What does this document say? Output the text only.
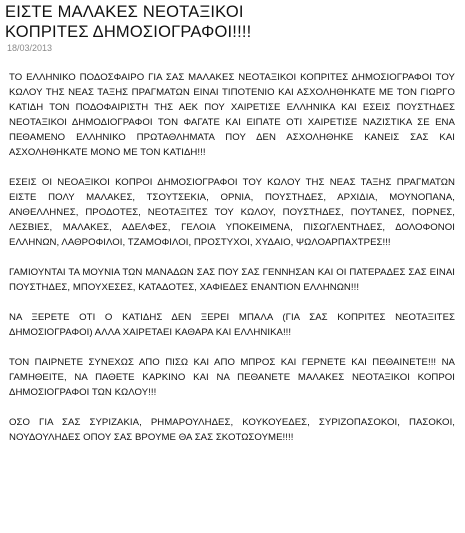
ΕΙΣΤΕ ΜΑΛΑΚΕΣ ΝΕΟΤΑΞΙΚΟΙ
ΚΟΠΡΙΤΕΣ ΔΗΜΟΣΙΟΓΡΑΦΟΙ!!!!
18/03/2013

ΤΟ ΕΛΛΗΝΙΚΟ ΠΟΔΟΣΦΑΙΡΟ ΓΙΑ ΣΑΣ ΜΑΛΑΚΕΣ ΝΕΟΤΑΞΙΚΟΙ ΚΟΠΡΙΤΕΣ ΔΗΜΟΣΙΟΓΡΑΦΟΙ ΤΟΥ ΚΩΛΟΥ ΤΗΣ ΝΕΑΣ ΤΑΞΗΣ ΠΡΑΓΜΑΤΩΝ ΕΙΝΑΙ ΤΙΠΟΤΕΝΙΟ ΚΑΙ ΑΣΧΟΛΗΘΗΚΑΤΕ ΜΕ ΤΟΝ ΓΙΩΡΓΟ ΚΑΤΙΔΗ ΤΟΝ ΠΟΔΟΦΑΙΡΙΣΤΗ ΤΗΣ ΑΕΚ ΠΟΥ ΧΑΙΡΕΤΙΣΕ ΕΛΛΗΝΙΚΑ ΚΑΙ ΕΣΕΙΣ ΠΟΥΣΤΗΔΕΣ ΝΕΟΤΑΞΙΚΟΙ ΔΗΜΟΔΙΟΓΡΑΦΟΙ ΤΟΝ ΦΑΓΑΤΕ ΚΑΙ ΕΙΠΑΤΕ ΟΤΙ ΧΑΙΡΕΤΙΣΕ ΝΑΖΙΣΤΙΚΑ ΣΕ ΕΝΑ ΠΕΘΑΜΕΝΟ ΕΛΛΗΝΙΚΟ ΠΡΩΤΑΘΛΗΜΑΤΑ ΠΟΥ ΔΕΝ ΑΣΧΟΛΗΘΗΚΕ ΚΑΝΕΙΣ ΣΑΣ ΚΑΙ ΑΣΧΟΛΗΘΗΚΑΤΕ ΜΟΝΟ ΜΕ ΤΟΝ ΚΑΤΙΔΗ!!!

ΕΣΕΙΣ ΟΙ ΝΕΟΑΞΙΚΟΙ ΚΟΠΡΟΙ ΔΗΜΟΣΙΟΓΡΑΦΟΙ ΤΟΥ ΚΩΛΟΥ ΤΗΣ ΝΕΑΣ ΤΑΞΗΣ ΠΡΑΓΜΑΤΩΝ ΕΙΣΤΕ ΠΟΛΥ ΜΑΛΑΚΕΣ, ΤΣΟΥΤΣΕΚΙΑ, ΟΡΝΙΑ, ΠΟΥΣΤΗΔΕΣ, ΑΡΧΙΔΙΑ, ΜΟΥΝΟΠΑΝΑ, ΑΝΘΕΛΛΗΝΕΣ, ΠΡΟΔΟΤΕΣ, ΝΕΟΤΑΞΙΤΕΣ ΤΟΥ ΚΩΛΟΥ, ΠΟΥΣΤΗΔΕΣ, ΠΟΥΤΑΝΕΣ, ΠΟΡΝΕΣ, ΛΕΣΒΙΕΣ, ΜΑΛΑΚΕΣ, ΑΔΕΛΦΕΣ, ΓΕΛΟΙΑ ΥΠΟΚΕΙΜΕΝΑ, ΠΙΣΩΓΛΕΝΤΗΔΕΣ, ΔΟΛΟΦΟΝΟΙ ΕΛΛΗΝΩΝ, ΛΑΘΡΟΦΙΛΟΙ, ΤΖΑΜΟΦΙΛΟΙ, ΠΡΟΣΤΥΧΟΙ, ΧΥΔΑΙΟ, ΨΩΛΟΑΡΠΑΧΤΡΕΣ!!!

ΓΑΜΙΟΥΝΤΑΙ ΤΑ ΜΟΥΝΙΑ ΤΩΝ ΜΑΝΑΔΩΝ ΣΑΣ ΠΟΥ ΣΑΣ ΓΕΝΝΗΣΑΝ ΚΑΙ ΟΙ ΠΑΤΕΡΑΔΕΣ ΣΑΣ ΕΙΝΑΙ ΠΟΥΣΤΗΔΕΣ, ΜΠΟΥΧΕΣΕΣ, ΚΑΤΑΔΟΤΕΣ, ΧΑΦΙΕΔΕΣ ΕΝΑΝΤΙΟΝ ΕΛΛΗΝΩΝ!!!

ΝΑ ΞΕΡΕΤΕ ΟΤΙ Ο ΚΑΤΙΔΗΣ ΔΕΝ ΞΕΡΕΙ ΜΠΑΛΑ (ΓΙΑ ΣΑΣ ΚΟΠΡΙΤΕΣ ΝΕΟΤΑΞΙΤΕΣ ΔΗΜΟΣΙΟΓΡΑΦΟΙ) ΑΛΛΑ ΧΑΙΡΕΤΑΕΙ ΚΑΘΑΡΑ ΚΑΙ ΕΛΛΗΝΙΚΑ!!!

ΤΟΝ ΠΑΙΡΝΕΤΕ ΣΥΝΕΧΩΣ ΑΠΟ ΠΙΣΩ ΚΑΙ ΑΠΟ ΜΠΡΟΣ ΚΑΙ ΓΕΡΝΕΤΕ ΚΑΙ ΠΕΘΑΙΝΕΤΕ!!! ΝΑ ΓΑΜΗΘΕΙΤΕ, ΝΑ ΠΑΘΕΤΕ ΚΑΡΚΙΝΟ ΚΑΙ ΝΑ ΠΕΘΑΝΕΤΕ ΜΑΛΑΚΕΣ ΝΕΟΤΑΞΙΚΟΙ ΚΟΠΡΟΙ ΔΗΜΟΣΙΟΓΡΑΦΟΙ ΤΩΝ ΚΩΛΟΥ!!!

ΟΣΟ ΓΙΑ ΣΑΣ ΣΥΡΙΖΑΚΙΑ, ΡΗΜΑΡΟΥΛΗΔΕΣ, ΚΟΥΚΟΥΕΔΕΣ, ΣΥΡΙΖΟΠΑΣΟΚΟΙ, ΠΑΣΟΚΟΙ, ΝΟΥΔΟΥΛΗΔΕΣ ΟΠΟΥ ΣΑΣ ΒΡΟΥΜΕ ΘΑ ΣΑΣ ΣΚΟΤΩΣΟΥΜΕ!!!!
